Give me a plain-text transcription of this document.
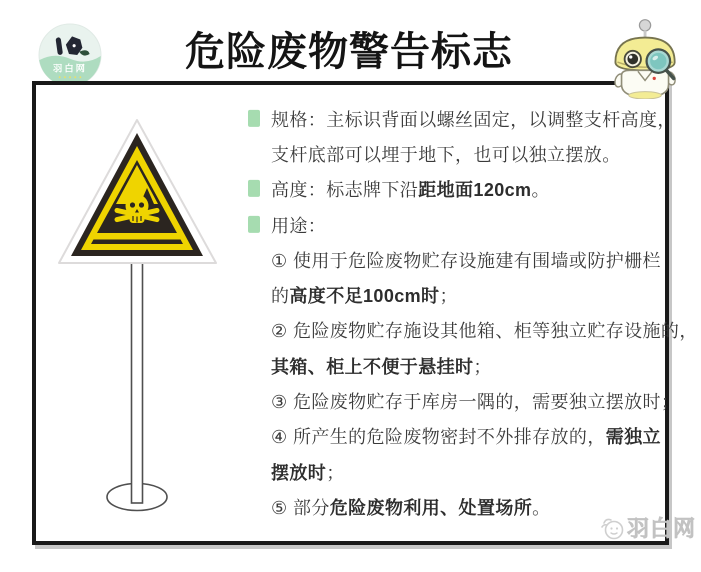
羽白网 危险废物警告标志
规格：主标识背面以螺丝固定，以调整支杆高度，
支杆底部可以埋于地下，也可以独立摆放。
高度：标志牌下沿距地面120cm。
用途：
① 使用于危险废物贮存设施建有围墙或防护栅栏
的高度不足100cm时；
② 危险废物贮存施设其他箱、柜等独立贮存设施的，
其箱、柜上不便于悬挂时；
③ 危险废物贮存于库房一隅的，需要独立摆放时；
④ 所产生的危险废物密封不外排存放的，需独立
摆放时；
⑤ 部分危险废物利用、处置场所。
羽白网
